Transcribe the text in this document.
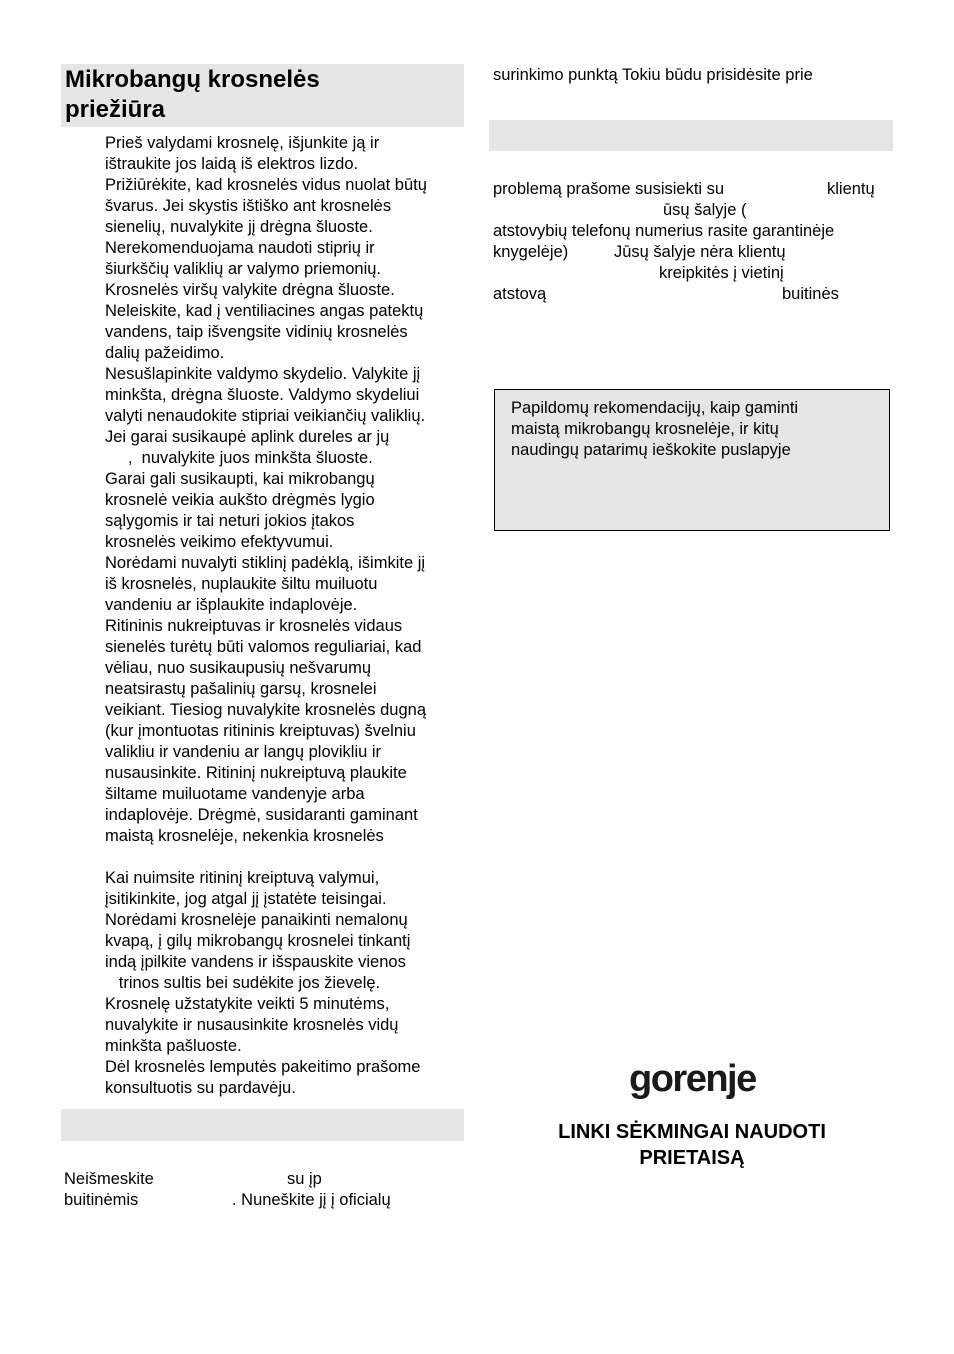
Mikrobangų krosnelės
priežiūra
Prieš valydami krosnelę, išjunkite ją ir
ištraukite jos laidą iš elektros lizdo.
Prižiūrėkite, kad krosnelės vidus nuolat būtų
švarus. Jei skystis ištiško ant krosnelės
sienelių, nuvalykite jį drėgna šluoste.
Nerekomenduojama naudoti stiprių ir
šiurkščių valiklių ar valymo priemonių.
Krosnelės viršų valykite drėgna šluoste.
Neleiskite, kad į ventiliacines angas patektų
vandens, taip išvengsite vidinių krosnelės
dalių pažeidimo.
Nesušlapinkite valdymo skydelio. Valykite jį
minkšta, drėgna šluoste. Valdymo skydeliui
valyti nenaudokite stipriai veikiančių valiklių.
Jei garai susikaupė aplink dureles ar jų
,  nuvalykite juos minkšta šluoste.
Garai gali susikaupti, kai mikrobangų
krosnelė veikia aukšto drėgmės lygio
sąlygomis ir tai neturi jokios įtakos
krosnelės veikimo efektyvumui.
Norėdami nuvalyti stiklinį padėklą, išimkite jį
iš krosnelės, nuplaukite šiltu muiluotu
vandeniu ar išplaukite indaplovėje.
Ritininis nukreiptuvas ir krosnelės vidaus
sienelės turėtų būti valomos reguliariai, kad
vėliau, nuo susikaupusių nešvarumų
neatsirastų pašalinių garsų, krosnelei
veikiant. Tiesiog nuvalykite krosnelės dugną
(kur įmontuotas ritininis kreiptuvas) švelniu
valikliu ir vandeniu ar langų plovikliu ir
nusausinkite. Ritininį nukreiptuvą plaukite
šiltame muiluotame vandenyje arba
indaplovėje. Drėgmė, susidaranti gaminant
maistą krosnelėje, nekenkia krosnelės
Kai nuimsite ritininį kreiptuvą valymui,
įsitikinkite, jog atgal jį įstatėte teisingai.
Norėdami krosnelėje panaikinti nemalonų
kvapą, į gilų mikrobangų krosnelei tinkantį
indą įpilkite vandens ir išspauskite vienos
trinos sultis bei sudėkite jos žievelę.
Krosnelę užstatykite veikti 5 minutėms,
nuvalykite ir nusausinkite krosnelės vidų
minkšta pašluoste.
Dėl krosnelės lemputės pakeitimo prašome
konsultuotis su pardavėju.
Neišmeskite	su įp
buitinėmis	. Nuneškite jį į oficialų
surinkimo punktą Tokiu būdu prisidėsite prie
problemą prašome susisiekti su	klientų
ūsų šalyje (
atstovybių telefonų numerius rasite garantinėje
knygelėje)	Jūsų šalyje nėra klientų
kreipkitės į vietinį
atstovą	buitinės
Papildomų rekomendacijų, kaip gaminti
maistą mikrobangų krosnelėje, ir kitų
naudingų patarimų ieškokite puslapyje
gorenje
LINKI SĖKMINGAI NAUDOTI
PRIETAISĄ
